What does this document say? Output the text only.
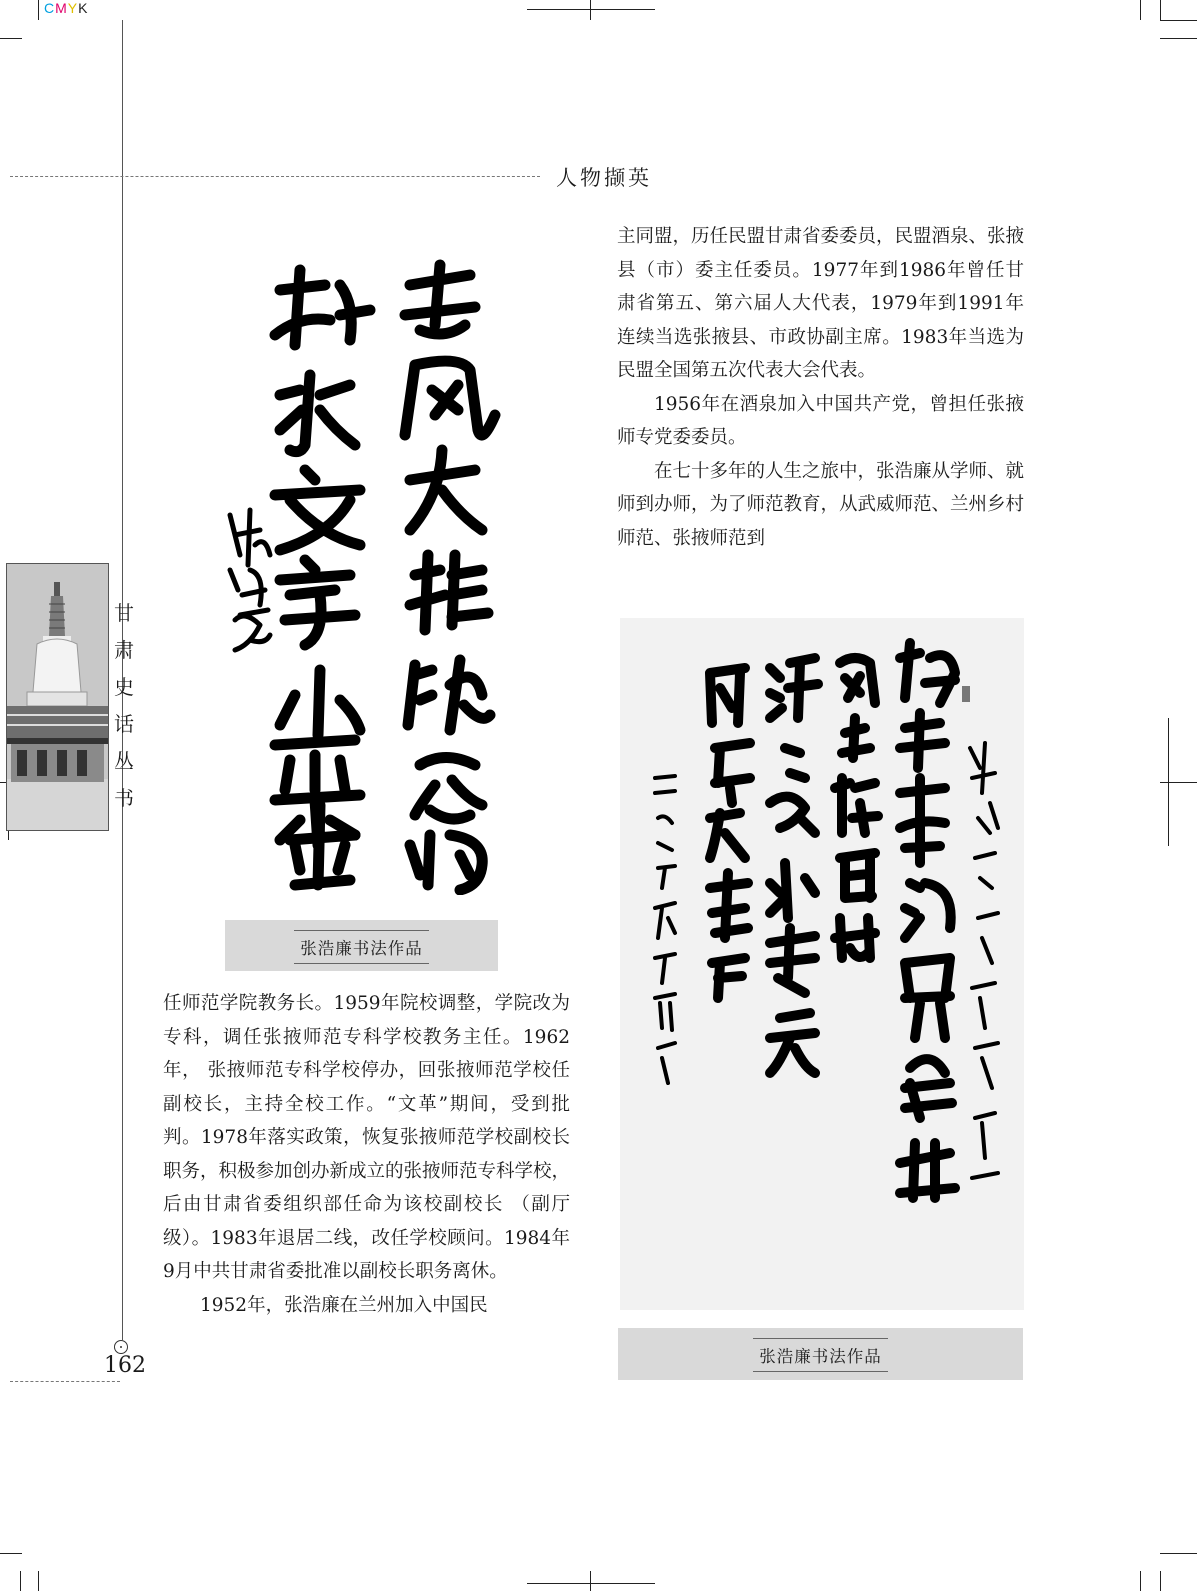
CMYK
人物撷英
甘
肃
史
话
丛
书
张浩廉书法作品

任师范学院教务长。1959年院校调整，学院改为专科，调任张掖师范专科学校教务主任。1962年， 张掖师范专科学校停办，回张掖师范学校任副校长，主持全校工作。“文革”期间，受到批判。1978年落实政策，恢复张掖师范学校副校长职务，积极参加创办新成立的张掖师范专科学校，后由甘肃省委组织部任命为该校副校长 （副厅级）。1983年退居二线，改任学校顾问。1984年9月中共甘肃省委批准以副校长职务离休。

1952年，张浩廉在兰州加入中国民

主同盟，历任民盟甘肃省委委员，民盟酒泉、张掖县（市）委主任委员。1977年到1986年曾任甘肃省第五、第六届人大代表，1979年到1991年连续当选张掖县、市政协副主席。1983年当选为民盟全国第五次代表大会代表。

1956年在酒泉加入中国共产党，曾担任张掖师专党委委员。

在七十多年的人生之旅中，张浩廉从学师、就师到办师，为了师范教育，从武威师范、兰州乡村师范、张掖师范到

张浩廉书法作品
162
